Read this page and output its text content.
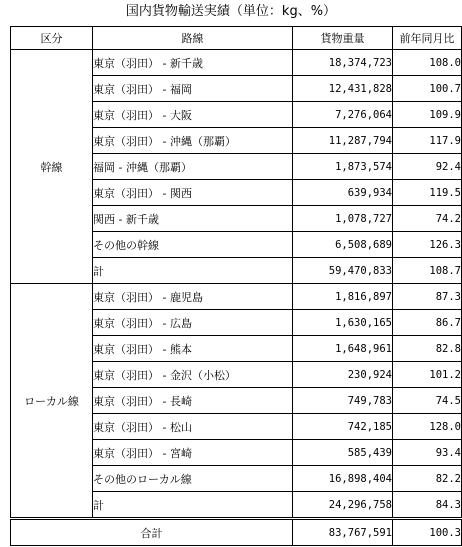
国内貨物輸送実績（単位：kg、%）
区分	路線	貨物重量	前年同月比
幹線	東京（羽田） - 新千歳	18,374,723	108.0
	東京（羽田） - 福岡	12,431,828	100.7
	東京（羽田） - 大阪	7,276,064	109.9
	東京（羽田） - 沖縄（那覇）	11,287,794	117.9
	福岡 - 沖縄（那覇）	1,873,574	92.4
	東京（羽田） - 関西	639,934	119.5
	関西 - 新千歳	1,078,727	74.2
	その他の幹線	6,508,689	126.3
	計	59,470,833	108.7
ローカル線	東京（羽田） - 鹿児島	1,816,897	87.3
	東京（羽田） - 広島	1,630,165	86.7
	東京（羽田） - 熊本	1,648,961	82.8
	東京（羽田） - 金沢（小松）	230,924	101.2
	東京（羽田） - 長崎	749,783	74.5
	東京（羽田） - 松山	742,185	128.0
	東京（羽田） - 宮崎	585,439	93.4
	その他のローカル線	16,898,404	82.2
	計	24,296,758	84.3
合計		83,767,591	100.3
